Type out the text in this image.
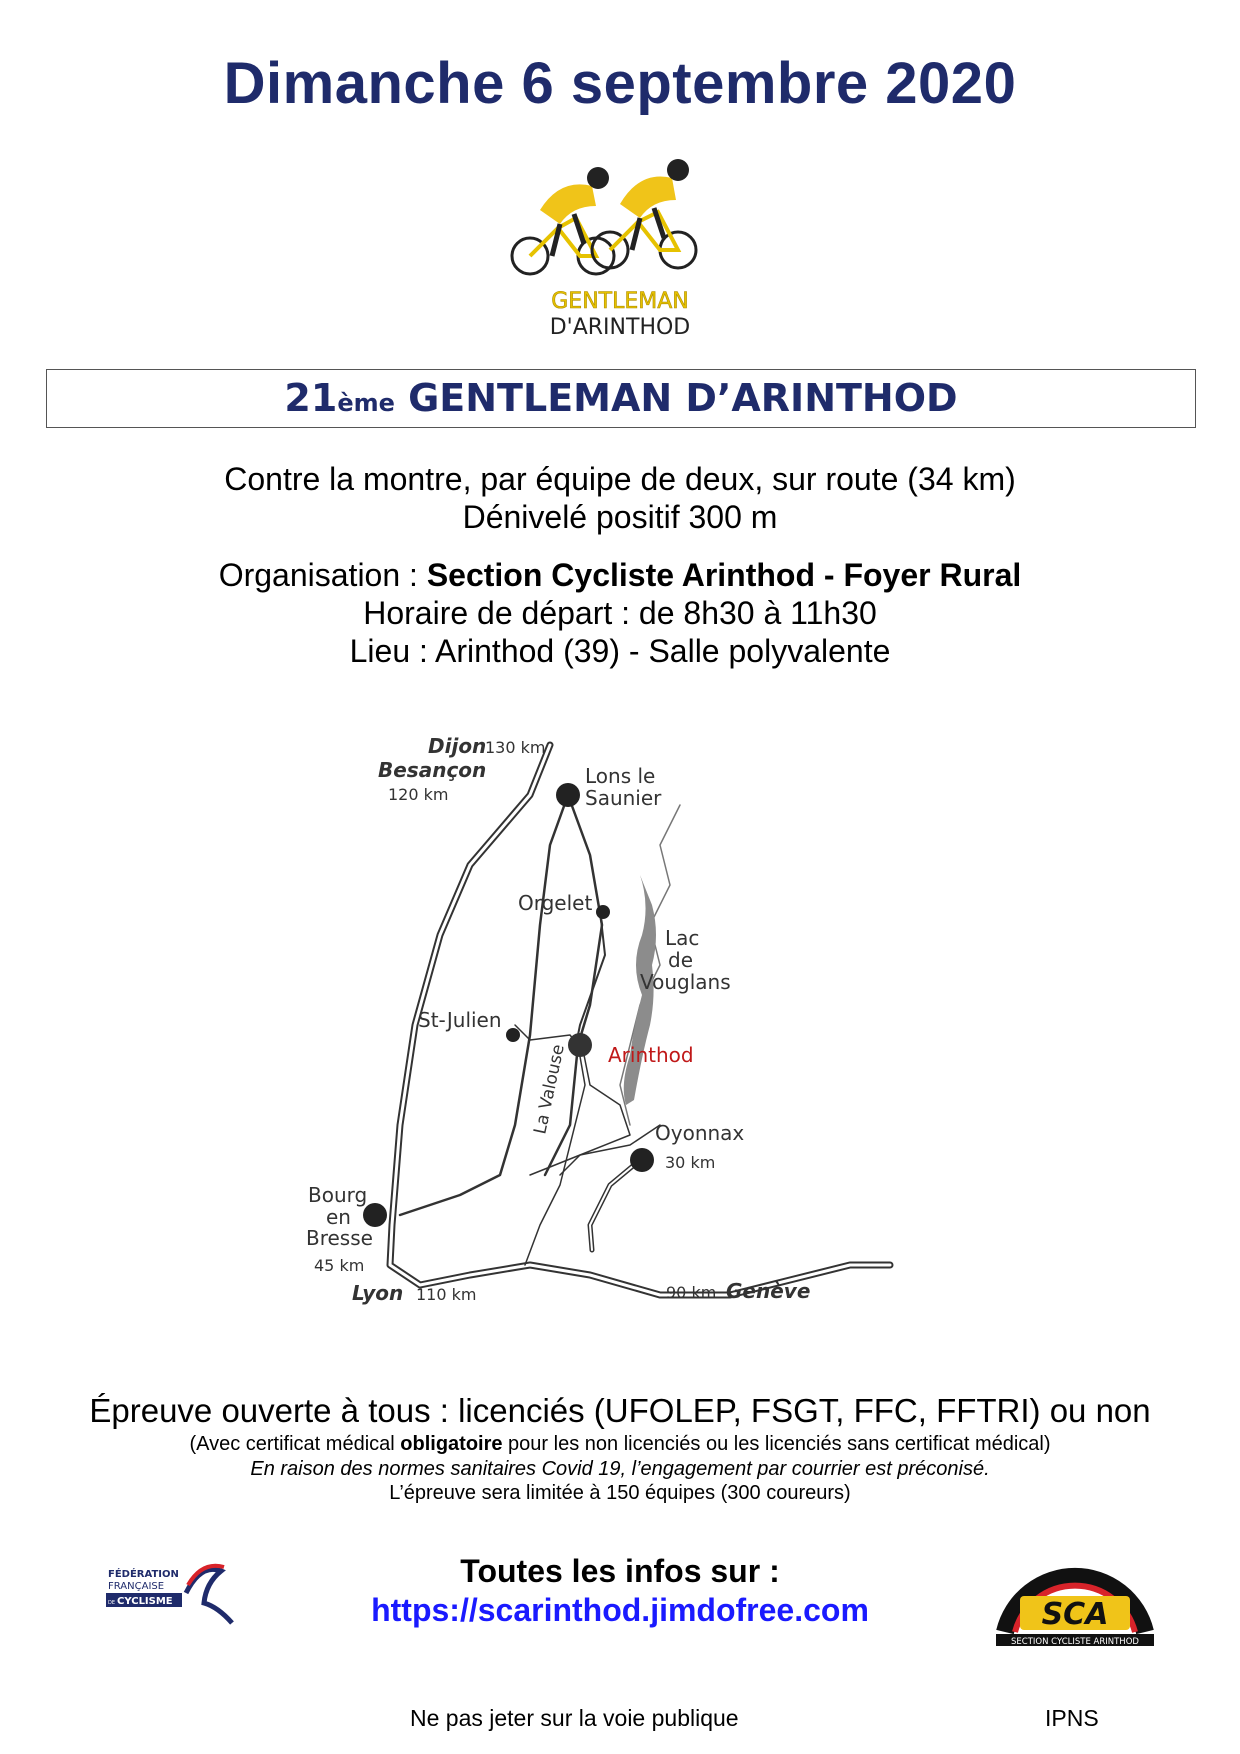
Dimanche 6 septembre 2020
GENTLEMAN
D'ARINTHOD
21ème GENTLEMAN D’ARINTHOD
Contre la montre, par équipe de deux, sur route (34 km)
Dénivelé positif 300 m
Organisation : Section Cycliste Arinthod - Foyer Rural
Horaire de départ : de 8h30 à 11h30
Lieu : Arinthod (39) - Salle polyvalente
Dijon
130 km
Besançon
120 km
Lons le
Saunier
Orgelet
Lac
de
Vouglans
St-Julien
Arinthod
La Valouse	Oyonnax
30 km
Bourg
en
Bresse
45 km
Lyon 110 km	90 km Genève
Épreuve ouverte à tous : licenciés (UFOLEP, FSGT, FFC, FFTRI) ou non
(Avec certificat médical obligatoire pour les non licenciés ou les licenciés sans certificat médical)
En raison des normes sanitaires Covid 19, l’engagement par courrier est préconisé.
L’épreuve sera limitée à 150 équipes (300 coureurs)
FÉDÉRATION
FRANÇAISE
DE CYCLISME
Toutes les infos sur :
https://scarinthod.jimdofree.com	SCA
SECTION CYCLISTE ARINTHOD
Ne pas jeter sur la voie publique	IPNS
